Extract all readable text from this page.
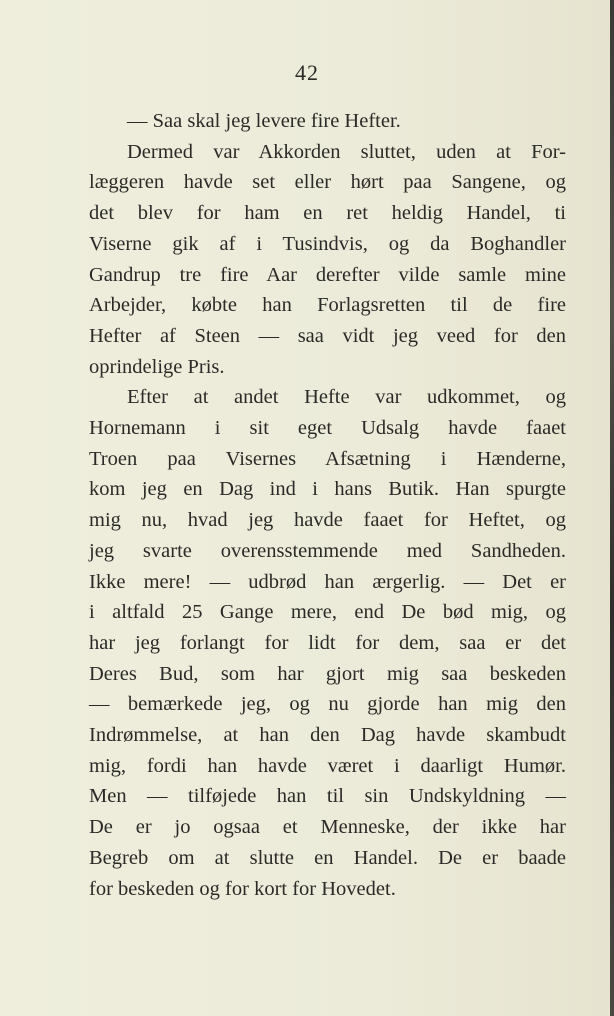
42
— Saa skal jeg levere fire Hefter.
Dermed var Akkorden sluttet, uden at For-
læggeren havde set eller hørt paa Sangene, og
det blev for ham en ret heldig Handel, ti
Viserne gik af i Tusindvis, og da Boghandler
Gandrup tre fire Aar derefter vilde samle mine
Arbejder, købte han Forlagsretten til de fire
Hefter af Steen — saa vidt jeg veed for den
oprindelige Pris.
Efter at andet Hefte var udkommet, og
Hornemann i sit eget Udsalg havde faaet
Troen paa Visernes Afsætning i Hænderne,
kom jeg en Dag ind i hans Butik. Han spurgte
mig nu, hvad jeg havde faaet for Heftet, og
jeg svarte overensstemmende med Sandheden.
Ikke mere! — udbrød han ærgerlig. — Det er
i altfald 25 Gange mere, end De bød mig, og
har jeg forlangt for lidt for dem, saa er det
Deres Bud, som har gjort mig saa beskeden
— bemærkede jeg, og nu gjorde han mig den
Indrømmelse, at han den Dag havde skambudt
mig, fordi han havde været i daarligt Humør.
Men — tilføjede han til sin Undskyldning —
De er jo ogsaa et Menneske, der ikke har
Begreb om at slutte en Handel. De er baade
for beskeden og for kort for Hovedet.
